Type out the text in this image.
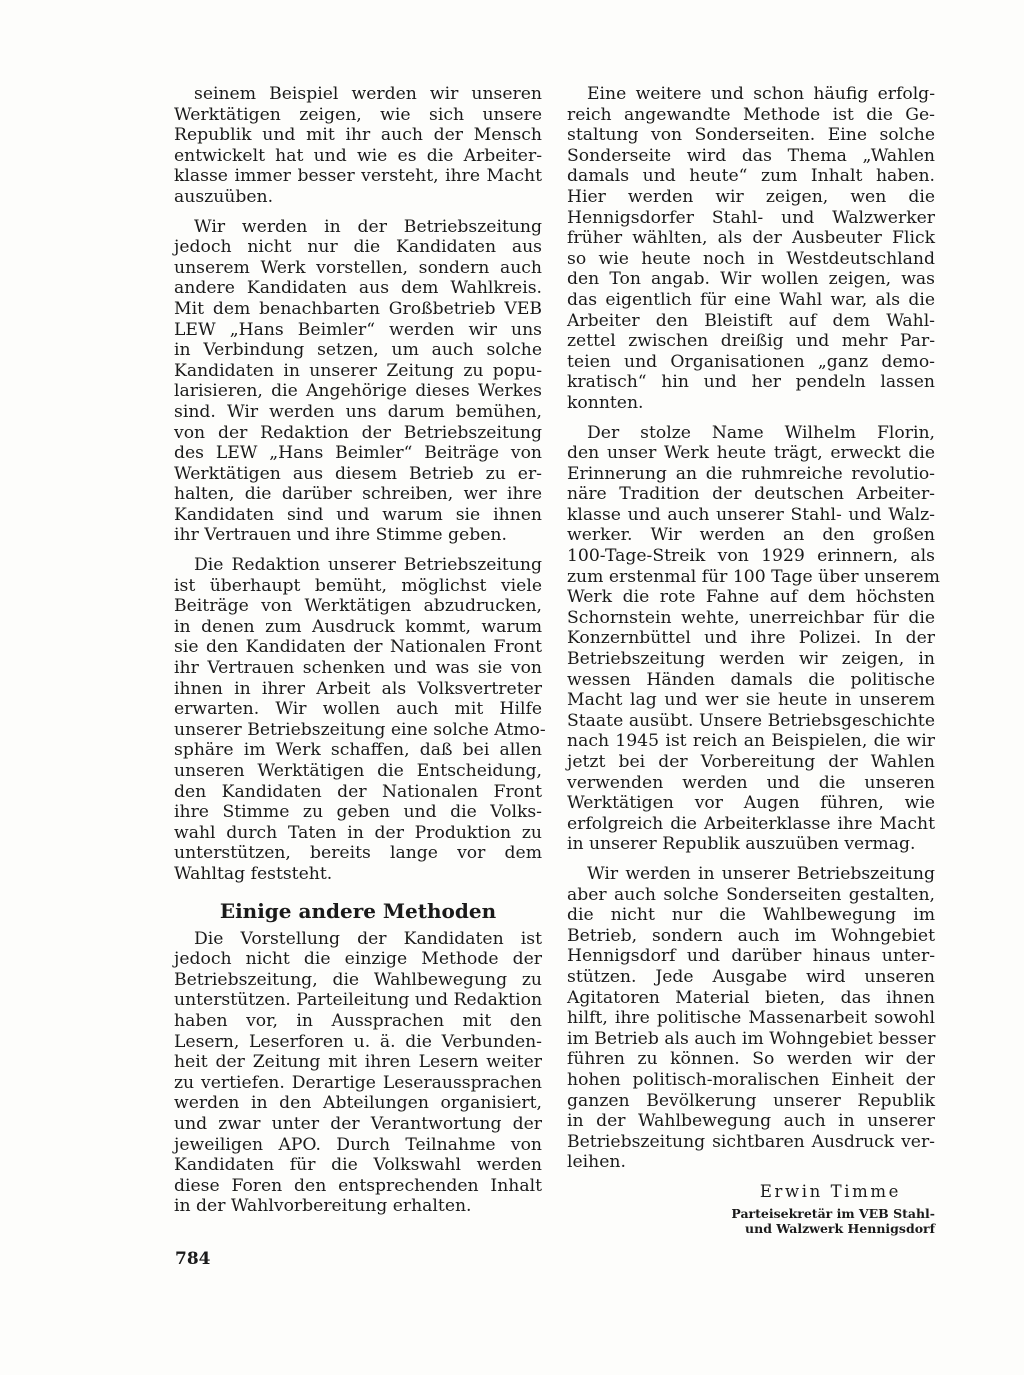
seinem Beispiel werden wir unseren
Werktätigen zeigen, wie sich unsere
Republik und mit ihr auch der Mensch
entwickelt hat und wie es die Arbeiter-
klasse immer besser versteht, ihre Macht
auszuüben.
Wir werden in der Betriebszeitung
jedoch nicht nur die Kandidaten aus
unserem Werk vorstellen, sondern auch
andere Kandidaten aus dem Wahlkreis.
Mit dem benachbarten Großbetrieb VEB
LEW „Hans Beimler“ werden wir uns
in Verbindung setzen, um auch solche
Kandidaten in unserer Zeitung zu popu-
larisieren, die Angehörige dieses Werkes
sind. Wir werden uns darum bemühen,
von der Redaktion der Betriebszeitung
des LEW „Hans Beimler“ Beiträge von
Werktätigen aus diesem Betrieb zu er-
halten, die darüber schreiben, wer ihre
Kandidaten sind und warum sie ihnen
ihr Vertrauen und ihre Stimme geben.
Die Redaktion unserer Betriebszeitung
ist überhaupt bemüht, möglichst viele
Beiträge von Werktätigen abzudrucken,
in denen zum Ausdruck kommt, warum
sie den Kandidaten der Nationalen Front
ihr Vertrauen schenken und was sie von
ihnen in ihrer Arbeit als Volksvertreter
erwarten. Wir wollen auch mit Hilfe
unserer Betriebszeitung eine solche Atmo-
sphäre im Werk schaffen, daß bei allen
unseren Werktätigen die Entscheidung,
den Kandidaten der Nationalen Front
ihre Stimme zu geben und die Volks-
wahl durch Taten in der Produktion zu
unterstützen, bereits lange vor dem
Wahltag feststeht.
Einige andere Methoden
Die Vorstellung der Kandidaten ist
jedoch nicht die einzige Methode der
Betriebszeitung, die Wahlbewegung zu
unterstützen. Parteileitung und Redaktion
haben vor, in Aussprachen mit den
Lesern, Leserforen u. ä. die Verbunden-
heit der Zeitung mit ihren Lesern weiter
zu vertiefen. Derartige Leseraussprachen
werden in den Abteilungen organisiert,
und zwar unter der Verantwortung der
jeweiligen APO. Durch Teilnahme von
Kandidaten für die Volkswahl werden
diese Foren den entsprechenden Inhalt
in der Wahlvorbereitung erhalten.
Eine weitere und schon häufig erfolg-
reich angewandte Methode ist die Ge-
staltung von Sonderseiten. Eine solche
Sonderseite wird das Thema „Wahlen
damals und heute“ zum Inhalt haben.
Hier werden wir zeigen, wen die
Hennigsdorfer Stahl- und Walzwerker
früher wählten, als der Ausbeuter Flick
so wie heute noch in Westdeutschland
den Ton angab. Wir wollen zeigen, was
das eigentlich für eine Wahl war, als die
Arbeiter den Bleistift auf dem Wahl-
zettel zwischen dreißig und mehr Par-
teien und Organisationen „ganz demo-
kratisch“ hin und her pendeln lassen
konnten.
Der stolze Name Wilhelm Florin,
den unser Werk heute trägt, erweckt die
Erinnerung an die ruhmreiche revolutio-
näre Tradition der deutschen Arbeiter-
klasse und auch unserer Stahl- und Walz-
werker. Wir werden an den großen
100-Tage-Streik von 1929 erinnern, als
zum erstenmal für 100 Tage über unserem
Werk die rote Fahne auf dem höchsten
Schornstein wehte, unerreichbar für die
Konzernbüttel und ihre Polizei. In der
Betriebszeitung werden wir zeigen, in
wessen Händen damals die politische
Macht lag und wer sie heute in unserem
Staate ausübt. Unsere Betriebsgeschichte
nach 1945 ist reich an Beispielen, die wir
jetzt bei der Vorbereitung der Wahlen
verwenden werden und die unseren
Werktätigen vor Augen führen, wie
erfolgreich die Arbeiterklasse ihre Macht
in unserer Republik auszuüben vermag.
Wir werden in unserer Betriebszeitung
aber auch solche Sonderseiten gestalten,
die nicht nur die Wahlbewegung im
Betrieb, sondern auch im Wohngebiet
Hennigsdorf und darüber hinaus unter-
stützen. Jede Ausgabe wird unseren
Agitatoren Material bieten, das ihnen
hilft, ihre politische Massenarbeit sowohl
im Betrieb als auch im Wohngebiet besser
führen zu können. So werden wir der
hohen politisch-moralischen Einheit der
ganzen Bevölkerung unserer Republik
in der Wahlbewegung auch in unserer
Betriebszeitung sichtbaren Ausdruck ver-
leihen.
Erwin Timme
Parteisekretär im VEB Stahl-
und Walzwerk Hennigsdorf
784
